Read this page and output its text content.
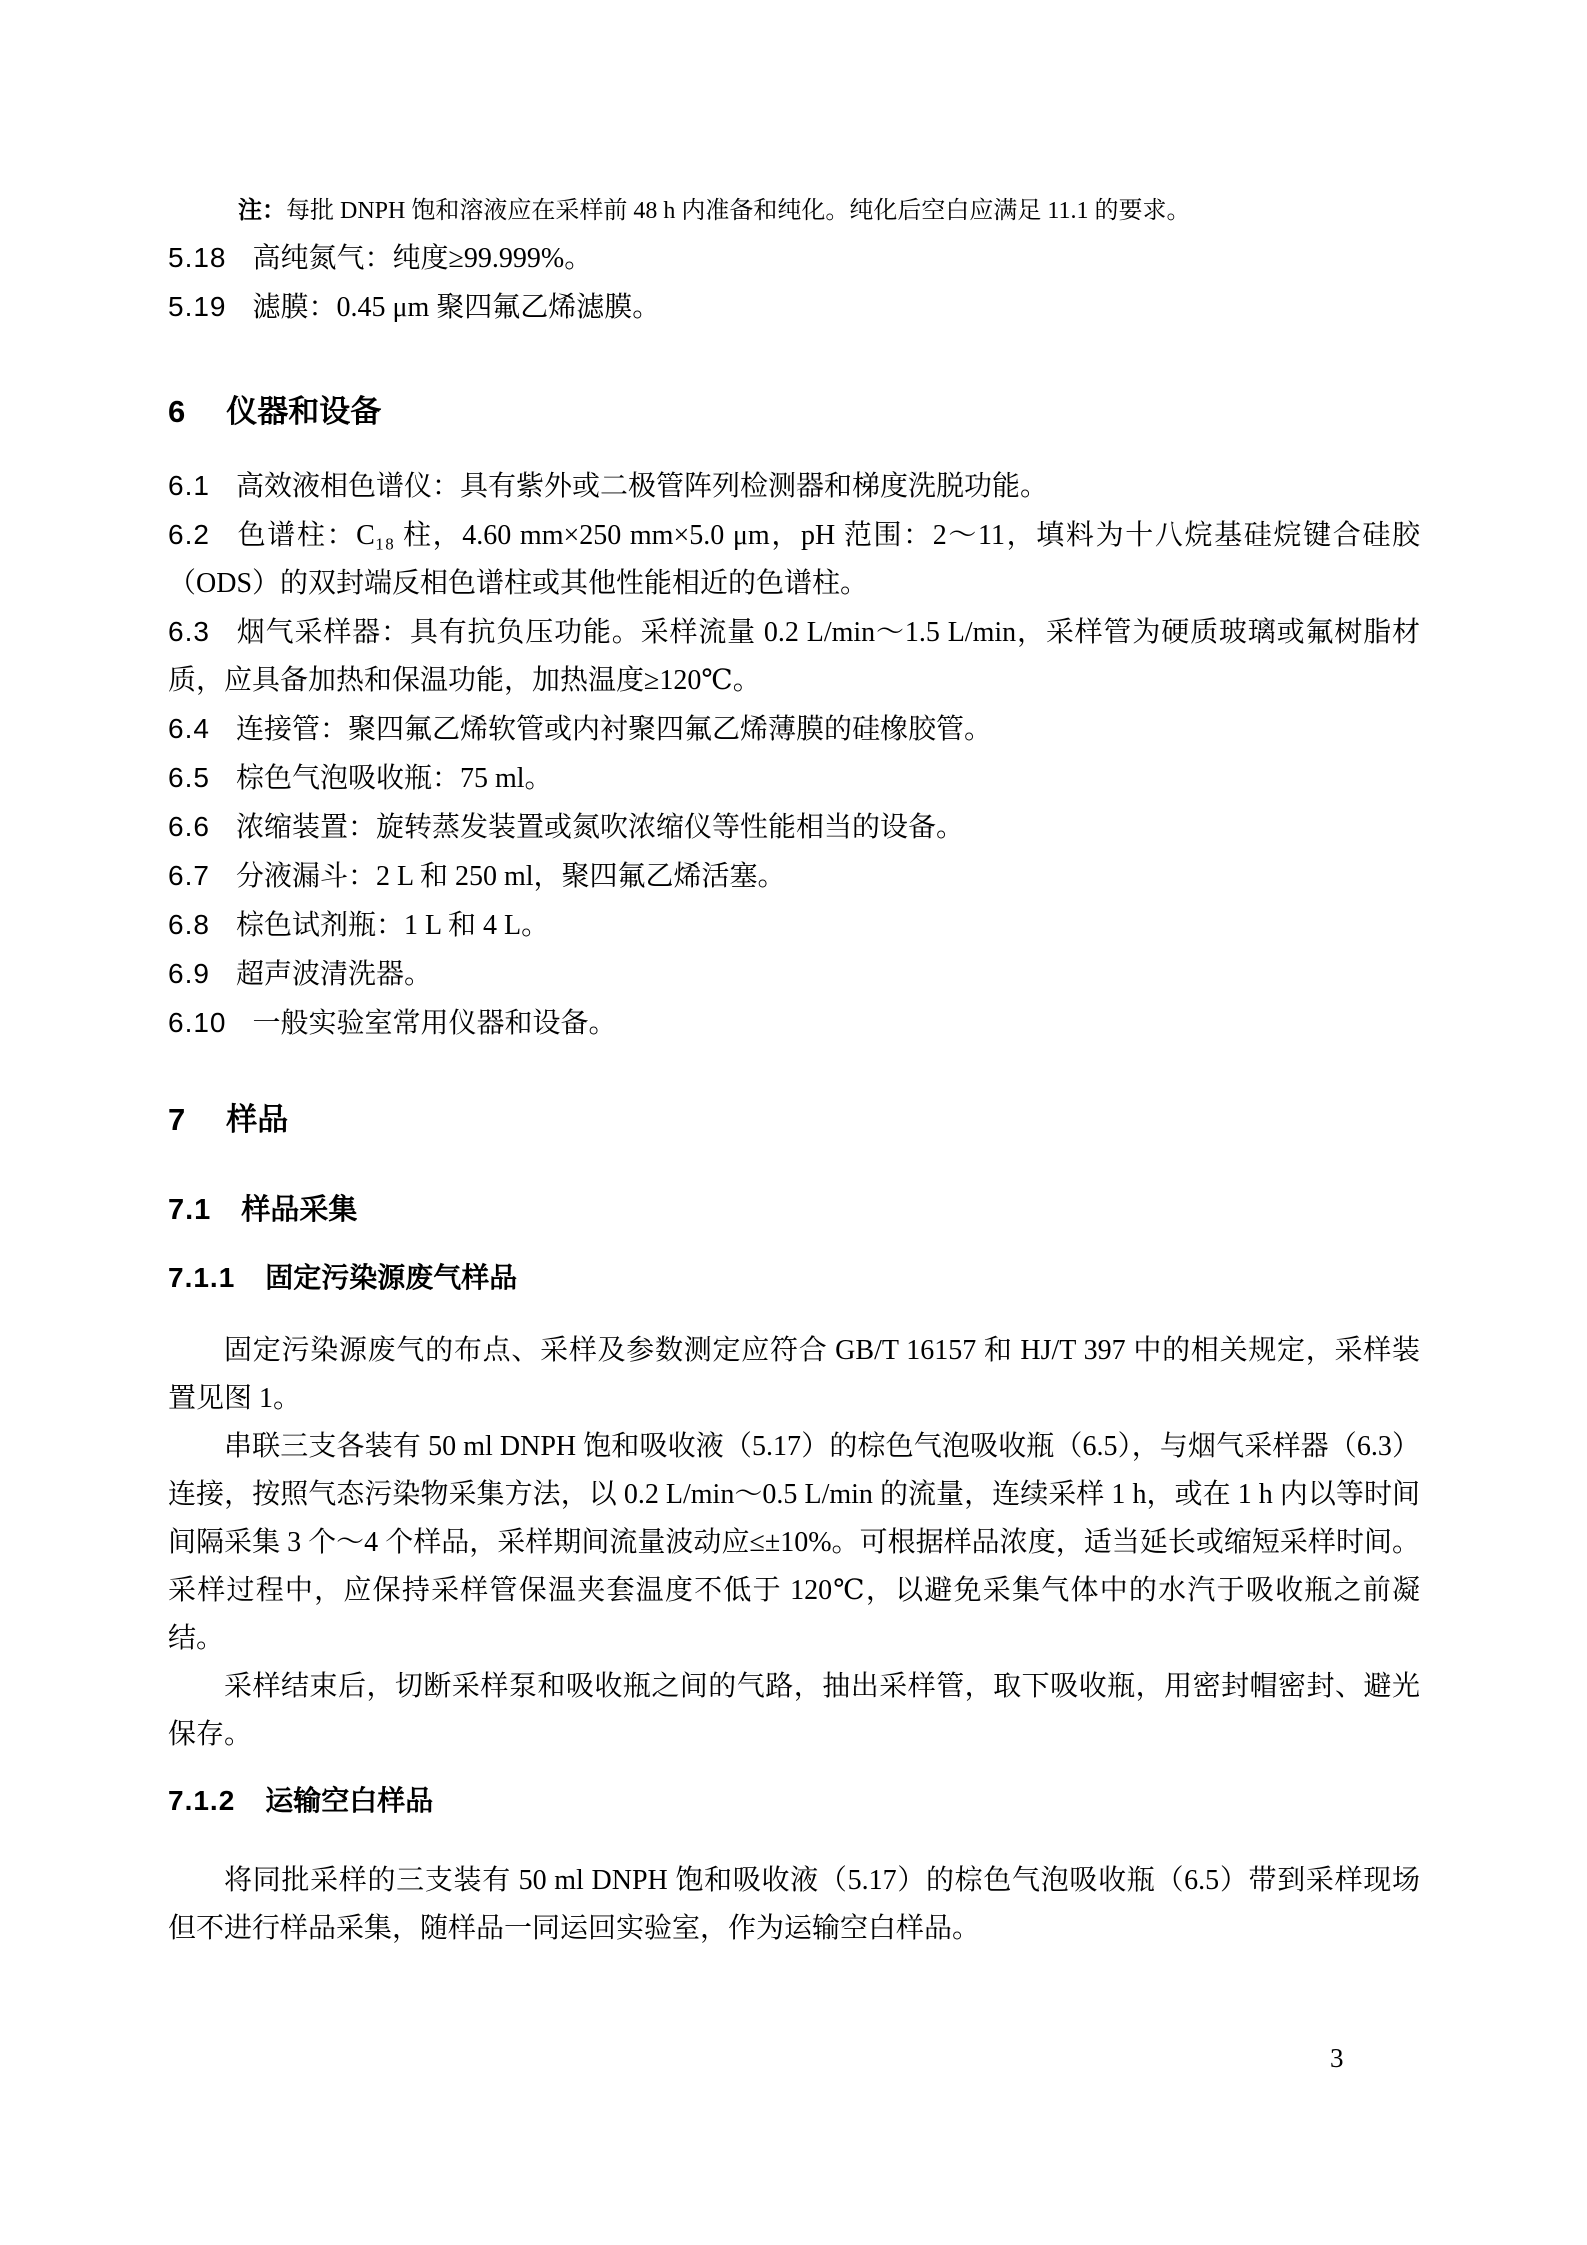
注：每批 DNPH 饱和溶液应在采样前 48 h 内准备和纯化。纯化后空白应满足 11.1 的要求。

5.18 高纯氮气：纯度≥99.999%。

5.19 滤膜：0.45 μm 聚四氟乙烯滤膜。

6 仪器和设备

6.1 高效液相色谱仪：具有紫外或二极管阵列检测器和梯度洗脱功能。

6.2 色谱柱：C₁₈ 柱，4.60 mm×250 mm×5.0 μm，pH 范围：2～11，填料为十八烷基硅烷键合硅胶（ODS）的双封端反相色谱柱或其他性能相近的色谱柱。

6.3 烟气采样器：具有抗负压功能。采样流量 0.2 L/min～1.5 L/min，采样管为硬质玻璃或氟树脂材质，应具备加热和保温功能，加热温度≥120℃。

6.4 连接管：聚四氟乙烯软管或内衬聚四氟乙烯薄膜的硅橡胶管。

6.5 棕色气泡吸收瓶：75 ml。

6.6 浓缩装置：旋转蒸发装置或氮吹浓缩仪等性能相当的设备。

6.7 分液漏斗：2 L 和 250 ml，聚四氟乙烯活塞。

6.8 棕色试剂瓶：1 L 和 4 L。

6.9 超声波清洗器。

6.10 一般实验室常用仪器和设备。

7 样品
7.1 样品采集
7.1.1 固定污染源废气样品

固定污染源废气的布点、采样及参数测定应符合 GB/T 16157 和 HJ/T 397 中的相关规定，采样装置见图 1。

串联三支各装有 50 ml DNPH 饱和吸收液（5.17）的棕色气泡吸收瓶（6.5），与烟气采样器（6.3）连接，按照气态污染物采集方法，以 0.2 L/min～0.5 L/min 的流量，连续采样 1 h，或在 1 h 内以等时间间隔采集 3 个～4 个样品，采样期间流量波动应≤±10%。可根据样品浓度，适当延长或缩短采样时间。采样过程中，应保持采样管保温夹套温度不低于 120℃，以避免采集气体中的水汽于吸收瓶之前凝结。

采样结束后，切断采样泵和吸收瓶之间的气路，抽出采样管，取下吸收瓶，用密封帽密封、避光保存。

7.1.2 运输空白样品

将同批采样的三支装有 50 ml DNPH 饱和吸收液（5.17）的棕色气泡吸收瓶（6.5）带到采样现场但不进行样品采集，随样品一同运回实验室，作为运输空白样品。

3
